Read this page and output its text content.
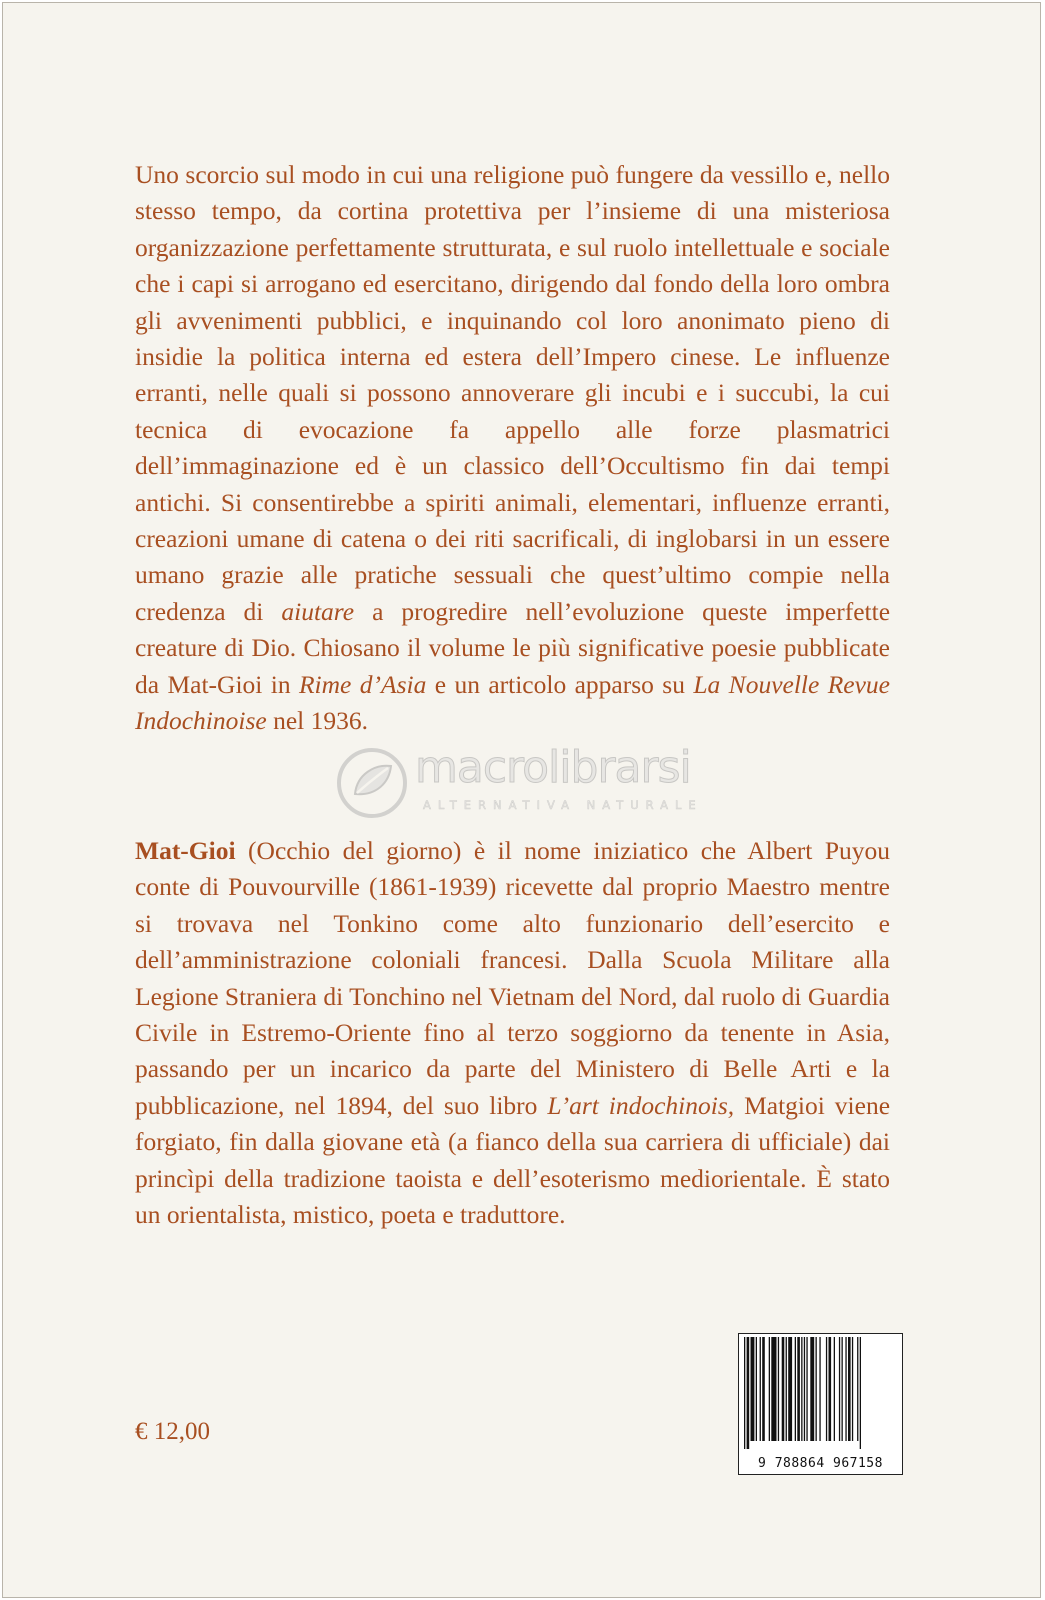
Uno scorcio sul modo in cui una religione può fungere da vessillo e, nello stesso tempo, da cortina protettiva per l’insieme di una misteriosa organizzazione perfettamente strutturata, e sul ruolo intellettuale e sociale che i capi si arrogano ed esercitano, dirigendo dal fondo della loro ombra gli avvenimenti pubblici, e inquinando col loro anonimato pieno di insidie la politica interna ed estera dell’Impero cinese. Le influenze erranti, nelle quali si possono annoverare gli incubi e i succubi, la cui tecnica di evocazione fa appello alle forze plasmatrici dell’immaginazione ed è un classico dell’Occultismo fin dai tempi antichi. Si consentirebbe a spiriti animali, elementari, influenze erranti, creazioni umane di catena o dei riti sacrificali, di inglobarsi in un essere umano grazie alle pratiche sessuali che quest’ultimo compie nella credenza di aiutare a progredire nell’evoluzione queste imperfette creature di Dio. Chiosano il volume le più significative poesie pubblicate da Mat-Gioi in Rime d’Asia e un articolo apparso su La Nouvelle Revue Indochinoise nel 1936.

macrolibrarsi
ALTERNATIVA NATURALE

Mat-Gioi (Occhio del giorno) è il nome iniziatico che Albert Puyou conte di Pouvourville (1861-1939) ricevette dal proprio Maestro mentre si trovava nel Tonkino come alto funzionario dell’esercito e dell’amministrazione coloniali francesi. Dalla Scuola Militare alla Legione Straniera di Tonchino nel Vietnam del Nord, dal ruolo di Guardia Civile in Estremo-Oriente fino al terzo soggiorno da tenente in Asia, passando per un incarico da parte del Ministero di Belle Arti e la pubblicazione, nel 1894, del suo libro L’art indochinois, Matgioi viene forgiato, fin dalla giovane età (a fianco della sua carriera di ufficiale) dai princìpi della tradizione taoista e dell’esoterismo mediorientale. È stato un orientalista, mistico, poeta e traduttore.

€ 12,00
9 788864 967158
